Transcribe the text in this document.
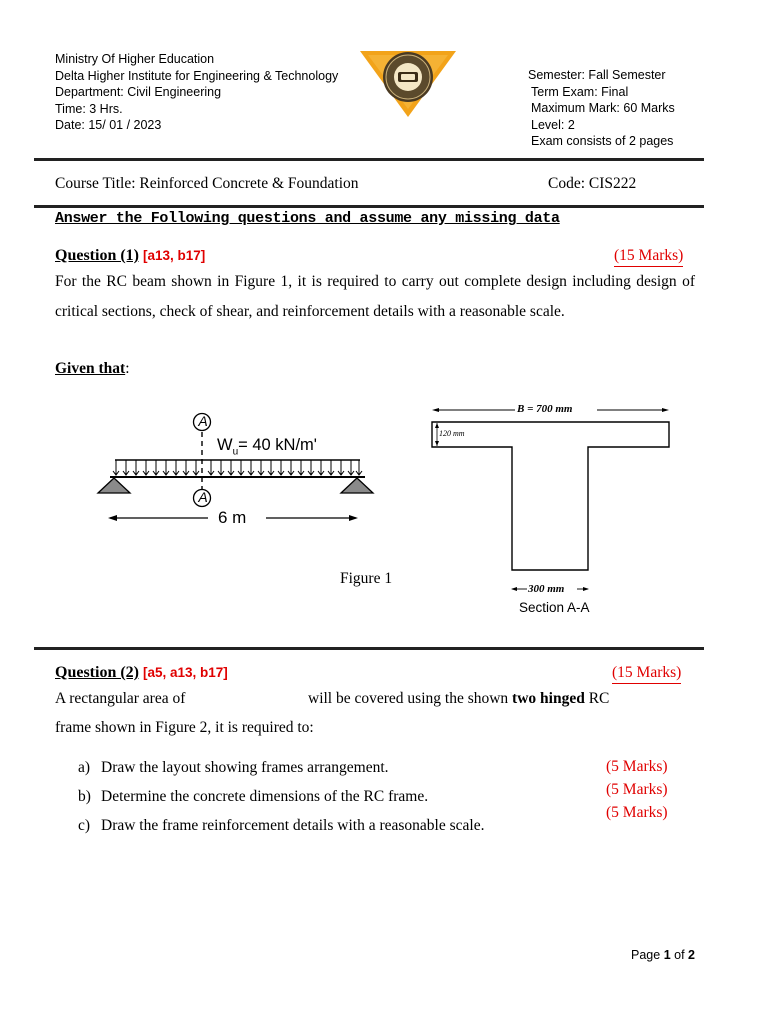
Ministry Of Higher Education
Delta Higher Institute for Engineering & Technology
Department: Civil Engineering
Time: 3 Hrs.
Date: 15/ 01 / 2023
Semester: Fall Semester
Term Exam: Final
Maximum Mark: 60 Marks
Level: 2
Exam consists of 2 pages
Course Title: Reinforced Concrete & Foundation	Code: CIS222
Answer the Following questions and assume any missing data
Question (1) [a13, b17]	(15 Marks)
For the RC beam shown in Figure 1, it is required to carry out complete design including design of critical sections, check of shear, and reinforcement details with a reasonable scale.
Given that:
A
A
$W_u= 40$ kN/m'
6 m
Figure 1
B = 700 mm
120 mm
300 mm
Section A-A
Question (2) [a5, a13, b17]	(15 Marks)
A rectangular area of	will be covered using the shown two hinged RC
frame shown in Figure 2, it is required to:
a) Draw the layout showing frames arrangement.
b) Determine the concrete dimensions of the RC frame.
c) Draw the frame reinforcement details with a reasonable scale.
(5 Marks)
(5 Marks)
(5 Marks)
Page 1 of 2
